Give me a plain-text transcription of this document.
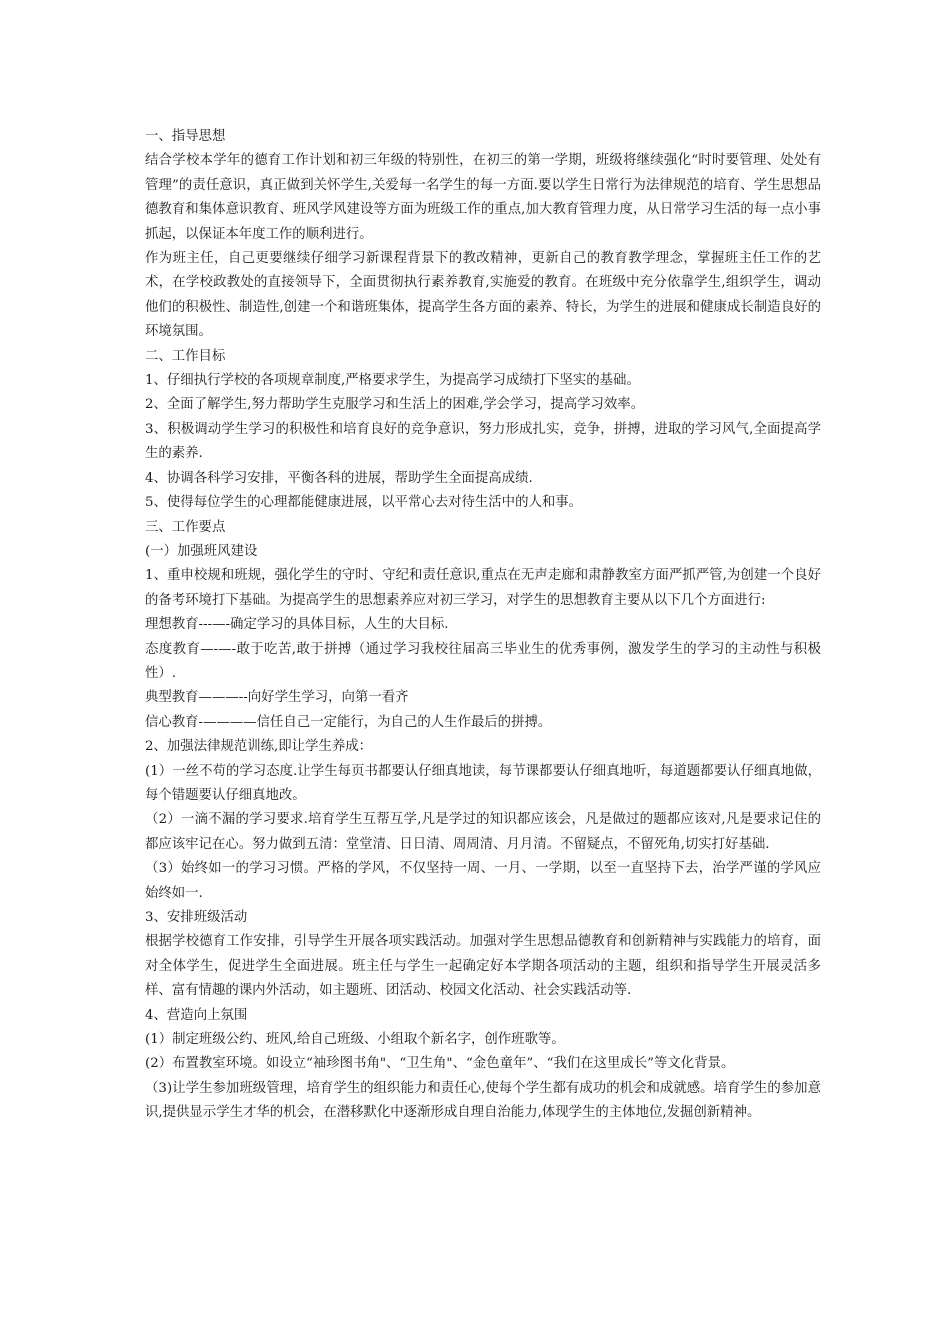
一、指导思想

结合学校本学年的德育工作计划和初三年级的特别性，在初三的第一学期，班级将继续强化“时时要管理、处处有管理”的责任意识，真正做到关怀学生,关爱每一名学生的每一方面.要以学生日常行为法律规范的培育、学生思想品德教育和集体意识教育、班风学风建设等方面为班级工作的重点,加大教育管理力度，从日常学习生活的每一点小事抓起，以保证本年度工作的顺利进行。

作为班主任，自己更要继续仔细学习新课程背景下的教改精神，更新自己的教育教学理念，掌握班主任工作的艺术，在学校政教处的直接领导下，全面贯彻执行素养教育,实施爱的教育。在班级中充分依靠学生,组织学生，调动他们的积极性、制造性,创建一个和谐班集体，提高学生各方面的素养、特长，为学生的进展和健康成长制造良好的环境氛围。

二、工作目标

1、仔细执行学校的各项规章制度,严格要求学生，为提高学习成绩打下坚实的基础。

2、全面了解学生,努力帮助学生克服学习和生活上的困难,学会学习，提高学习效率。

3、积极调动学生学习的积极性和培育良好的竞争意识，努力形成扎实，竞争，拼搏，进取的学习风气,全面提高学生的素养.

4、协调各科学习安排，平衡各科的进展，帮助学生全面提高成绩.

5、使得每位学生的心理都能健康进展，以平常心去对待生活中的人和事。

三、工作要点

(一）加强班风建设

1、重申校规和班规，强化学生的守时、守纪和责任意识,重点在无声走廊和肃静教室方面严抓严管,为创建一个良好的备考环境打下基础。为提高学生的思想素养应对初三学习，对学生的思想教育主要从以下几个方面进行:

理想教育---—-确定学习的具体目标，人生的大目标.

态度教育—-—-敢于吃苦,敢于拼搏（通过学习我校往届高三毕业生的优秀事例，激发学生的学习的主动性与积极性）.

典型教育———--向好学生学习，向第一看齐

信心教育-————信任自己一定能行，为自己的人生作最后的拼搏。

2、加强法律规范训练,即让学生养成：

(1）一丝不苟的学习态度.让学生每页书都要认仔细真地读，每节课都要认仔细真地听，每道题都要认仔细真地做，每个错题要认仔细真地改。

（2）一滴不漏的学习要求.培育学生互帮互学,凡是学过的知识都应该会，凡是做过的题都应该对,凡是要求记住的都应该牢记在心。努力做到五清：堂堂清、日日清、周周清、月月清。不留疑点，不留死角,切实打好基础.

（3）始终如一的学习习惯。严格的学风，不仅坚持一周、一月、一学期，以至一直坚持下去，治学严谨的学风应始终如一.

3、安排班级活动

根据学校德育工作安排，引导学生开展各项实践活动。加强对学生思想品德教育和创新精神与实践能力的培育，面对全体学生，促进学生全面进展。班主任与学生一起确定好本学期各项活动的主题，组织和指导学生开展灵活多样、富有情趣的课内外活动，如主题班、团活动、校园文化活动、社会实践活动等.

4、营造向上氛围

(1）制定班级公约、班风,给自己班级、小组取个新名字，创作班歌等。

(2）布置教室环境。如设立“袖珍图书角"、“卫生角"、“金色童年”、“我们在这里成长”等文化背景。

（3)让学生参加班级管理，培育学生的组织能力和责任心,使每个学生都有成功的机会和成就感。培育学生的参加意识,提供显示学生才华的机会，在潜移默化中逐渐形成自理自治能力,体现学生的主体地位,发掘创新精神。
